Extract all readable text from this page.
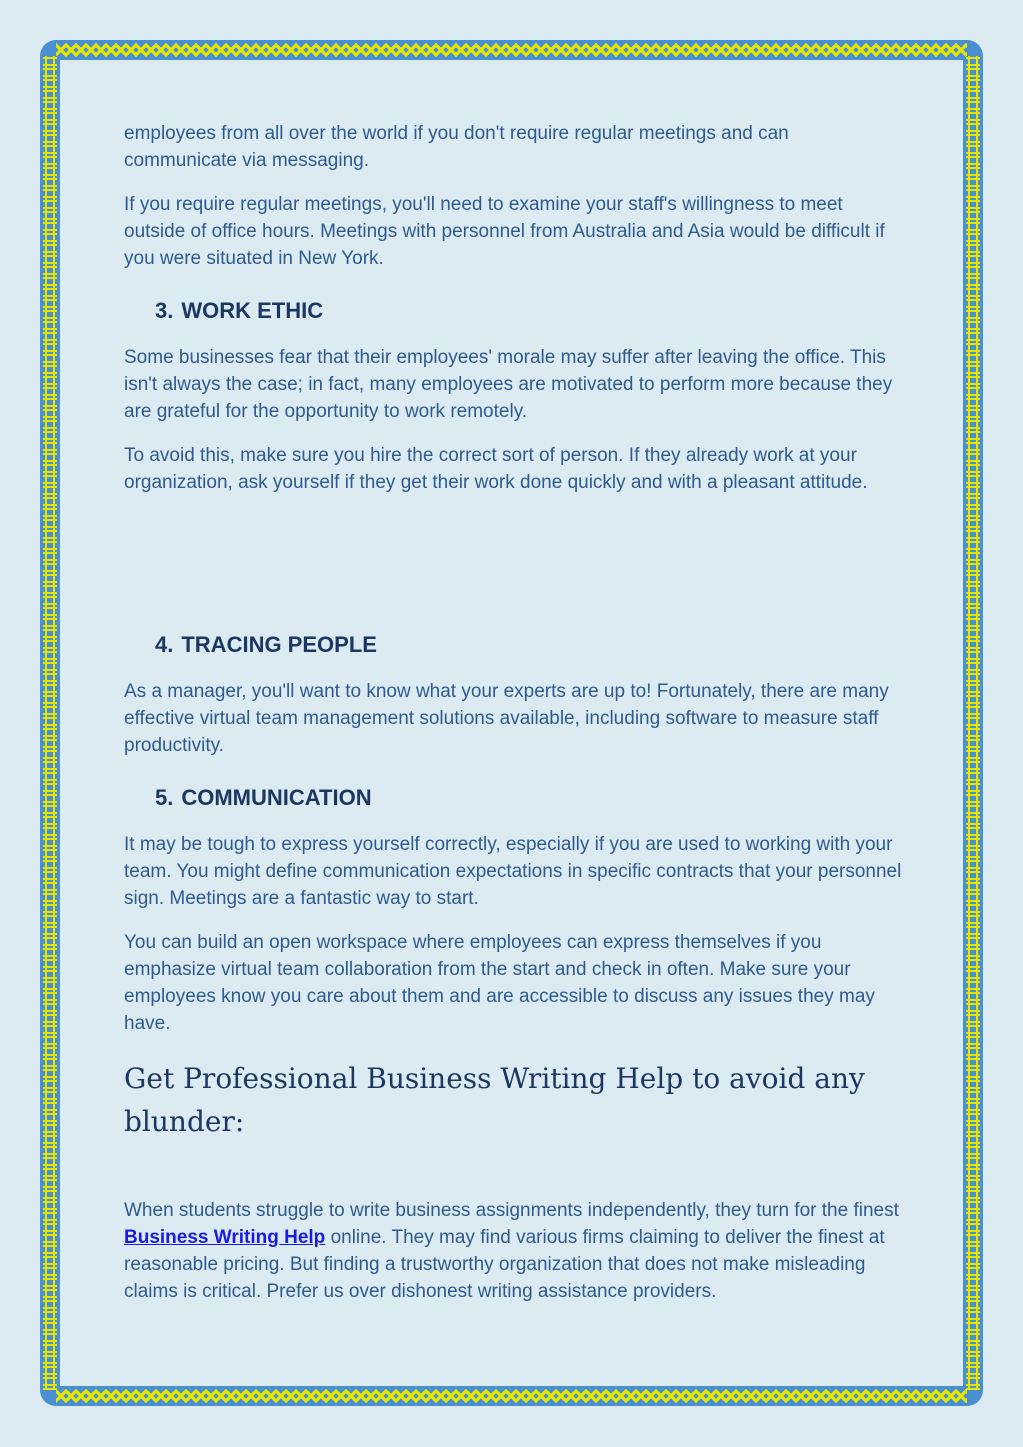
employees from all over the world if you don't require regular meetings and can communicate via messaging.

If you require regular meetings, you'll need to examine your staff's willingness to meet outside of office hours. Meetings with personnel from Australia and Asia would be difficult if you were situated in New York.

3. WORK ETHIC

Some businesses fear that their employees' morale may suffer after leaving the office. This isn't always the case; in fact, many employees are motivated to perform more because they are grateful for the opportunity to work remotely.

To avoid this, make sure you hire the correct sort of person. If they already work at your organization, ask yourself if they get their work done quickly and with a pleasant attitude.

4. TRACING PEOPLE

As a manager, you'll want to know what your experts are up to! Fortunately, there are many effective virtual team management solutions available, including software to measure staff productivity.

5. COMMUNICATION

It may be tough to express yourself correctly, especially if you are used to working with your team. You might define communication expectations in specific contracts that your personnel sign. Meetings are a fantastic way to start.

You can build an open workspace where employees can express themselves if you emphasize virtual team collaboration from the start and check in often. Make sure your employees know you care about them and are accessible to discuss any issues they may have.

Get Professional Business Writing Help to avoid any blunder:

When students struggle to write business assignments independently, they turn for the finest Business Writing Help online. They may find various firms claiming to deliver the finest at reasonable pricing. But finding a trustworthy organization that does not make misleading claims is critical. Prefer us over dishonest writing assistance providers.
